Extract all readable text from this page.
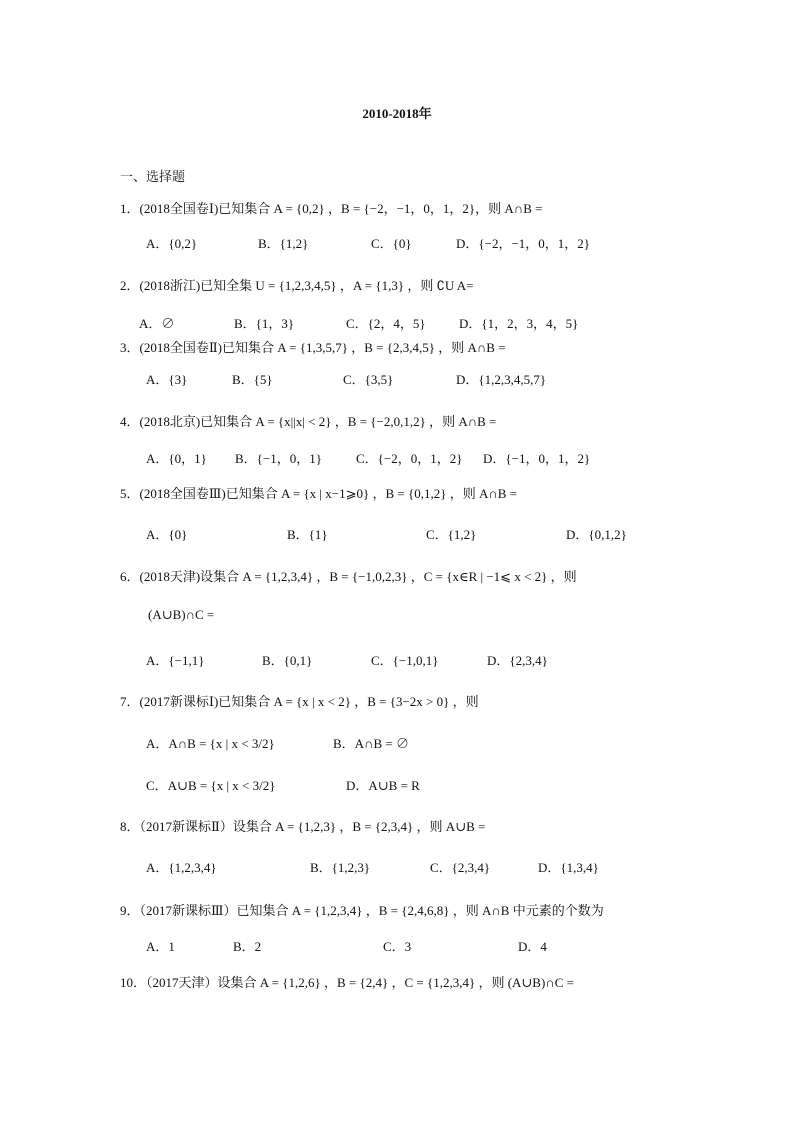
2010-2018年
一、选择题
1．(2018全国卷Ⅰ)已知集合 A = {0,2} ，B = {−2，−1，0，1，2}，则 A∩B =
A．{0,2}	B．{1,2}	C．{0}	D．{−2，−1，0，1，2}
2．(2018浙江)已知全集 U = {1,2,3,4,5} ，A = {1,3} ，则 ∁U A=
A．∅	B．{1，3}	C．{2，4，5}	D．{1，2，3，4，5}
3．(2018全国卷Ⅱ)已知集合 A = {1,3,5,7} ，B = {2,3,4,5} ，则 A∩B =
A．{3}	B．{5}	C．{3,5}	D．{1,2,3,4,5,7}
4．(2018北京)已知集合 A = {x||x| < 2} ，B = {−2,0,1,2} ，则 A∩B =
A．{0，1} B．{−1，0，1}	C．{−2，0，1，2} D．{−1，0，1，2}
5．(2018全国卷Ⅲ)已知集合 A = {x | x−1⩾0} ，B = {0,1,2} ，则 A∩B =
A．{0}	B．{1}	C．{1,2}	D．{0,1,2}
6．(2018天津)设集合 A = {1,2,3,4} ，B = {−1,0,2,3} ，C = {x∈R | −1⩽ x < 2} ，则
(A∪B)∩C =
A．{−1,1}	B．{0,1}	C．{−1,0,1}	D．{2,3,4}
7．(2017新课标Ⅰ)已知集合 A = {x | x < 2} ，B = {3−2x > 0} ，则
A．A∩B = {x | x < 3/2}	B．A∩B = ∅
C．A∪B = {x | x < 3/2}	D．A∪B = R
8．（2017新课标Ⅱ）设集合 A = {1,2,3} ，B = {2,3,4} ，则 A∪B =
A．{1,2,3,4}	B．{1,2,3}	C．{2,3,4}	D．{1,3,4}
9．（2017新课标Ⅲ）已知集合 A = {1,2,3,4} ，B = {2,4,6,8} ，则 A∩B 中元素的个数为
A．1	B．2	C．3	D．4
10．（2017天津）设集合 A = {1,2,6} ，B = {2,4} ，C = {1,2,3,4} ，则 (A∪B)∩C =
